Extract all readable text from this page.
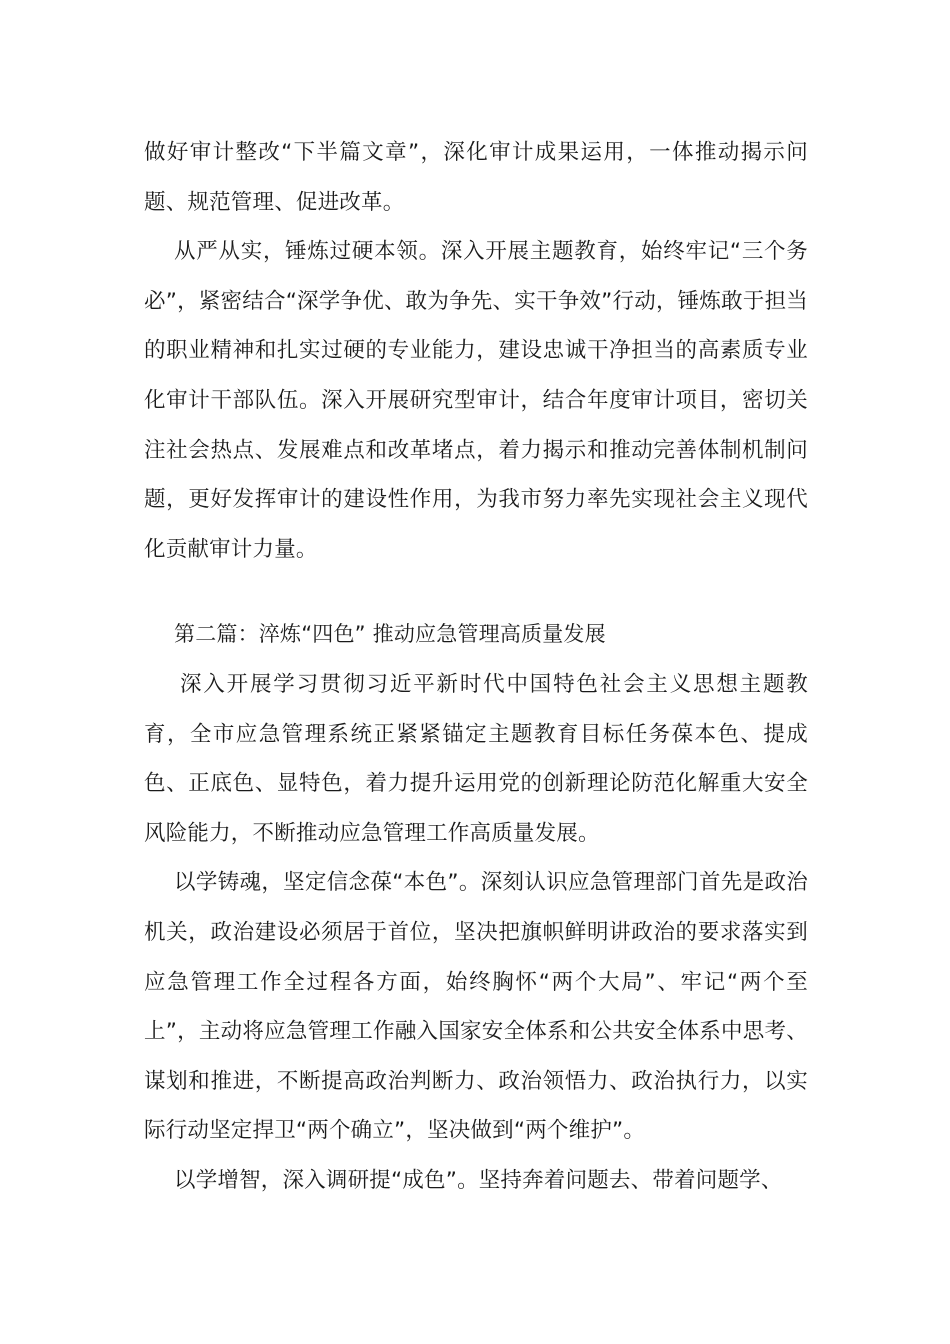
做好审计整改“下半篇文章”，深化审计成果运用，一体推动揭示问题、规范管理、促进改革。

从严从实，锤炼过硬本领。深入开展主题教育，始终牢记“三个务必”，紧密结合“深学争优、敢为争先、实干争效”行动，锤炼敢于担当的职业精神和扎实过硬的专业能力，建设忠诚干净担当的高素质专业化审计干部队伍。深入开展研究型审计，结合年度审计项目，密切关注社会热点、发展难点和改革堵点，着力揭示和推动完善体制机制问题，更好发挥审计的建设性作用，为我市努力率先实现社会主义现代化贡献审计力量。

第二篇：淬炼“四色” 推动应急管理高质量发展

深入开展学习贯彻习近平新时代中国特色社会主义思想主题教育，全市应急管理系统正紧紧锚定主题教育目标任务葆本色、提成色、正底色、显特色，着力提升运用党的创新理论防范化解重大安全风险能力，不断推动应急管理工作高质量发展。

以学铸魂，坚定信念葆“本色”。深刻认识应急管理部门首先是政治机关，政治建设必须居于首位，坚决把旗帜鲜明讲政治的要求落实到应急管理工作全过程各方面，始终胸怀“两个大局”、牢记“两个至上”，主动将应急管理工作融入国家安全体系和公共安全体系中思考、谋划和推进，不断提高政治判断力、政治领悟力、政治执行力，以实际行动坚定捍卫“两个确立”，坚决做到“两个维护”。

以学增智，深入调研提“成色”。坚持奔着问题去、带着问题学、
